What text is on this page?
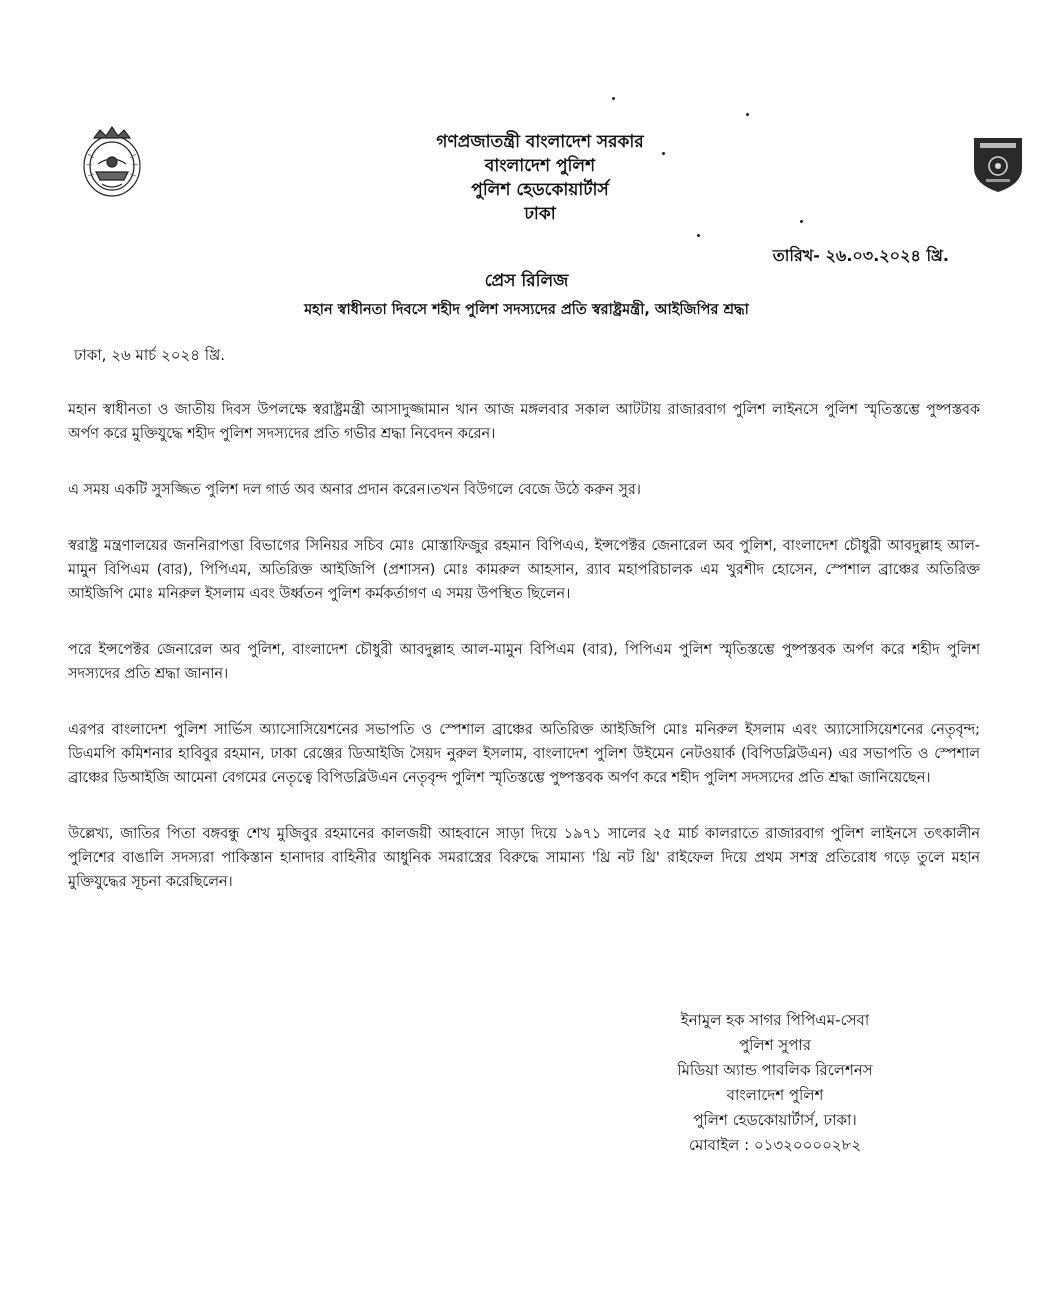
গণপ্রজাতন্ত্রী বাংলাদেশ সরকার
বাংলাদেশ পুলিশ
পুলিশ হেডকোয়ার্টার্স
ঢাকা
তারিখ- ২৬.০৩.২০২৪ খ্রি.
প্রেস রিলিজ
মহান স্বাধীনতা দিবসে শহীদ পুলিশ সদস্যদের প্রতি স্বরাষ্ট্রমন্ত্রী, আইজিপির শ্রদ্ধা
ঢাকা, ২৬ মার্চ ২০২৪ খ্রি.

মহান স্বাধীনতা ও জাতীয় দিবস উপলক্ষে স্বরাষ্ট্রমন্ত্রী আসাদুজ্জামান খান আজ মঙ্গলবার সকাল আটটায় রাজারবাগ পুলিশ লাইনসে পুলিশ স্মৃতিস্তম্ভে পুষ্পস্তবক অর্পণ করে মুক্তিযুদ্ধে শহীদ পুলিশ সদস্যদের প্রতি গভীর শ্রদ্ধা নিবেদন করেন।

এ সময় একটি সুসজ্জিত পুলিশ দল গার্ড অব অনার প্রদান করেন।তখন বিউগলে বেজে উঠে করুন সুর।

স্বরাষ্ট্র মন্ত্রণালয়ের জননিরাপত্তা বিভাগের সিনিয়র সচিব মোঃ মোস্তাফিজুর রহমান বিপিএএ, ইন্সপেক্টর জেনারেল অব পুলিশ, বাংলাদেশ চৌধুরী আবদুল্লাহ আল-মামুন বিপিএম (বার), পিপিএম, অতিরিক্ত আইজিপি (প্রশাসন) মোঃ কামরুল আহসান, র‍্যাব মহাপরিচালক এম খুরশীদ হোসেন, স্পেশাল ব্রাঞ্চের অতিরিক্ত আইজিপি মোঃ মনিরুল ইসলাম এবং উর্ধ্বতন পুলিশ কর্মকর্তাগণ এ সময় উপস্থিত ছিলেন।

পরে ইন্সপেক্টর জেনারেল অব পুলিশ, বাংলাদেশ চৌধুরী আবদুল্লাহ আল-মামুন বিপিএম (বার), পিপিএম পুলিশ স্মৃতিস্তম্ভে পুষ্পস্তবক অর্পণ করে শহীদ পুলিশ সদস্যদের প্রতি শ্রদ্ধা জানান।

এরপর বাংলাদেশ পুলিশ সার্ভিস অ্যাসোসিয়েশনের সভাপতি ও স্পেশাল ব্রাঞ্চের অতিরিক্ত আইজিপি মোঃ মনিরুল ইসলাম এবং অ্যাসোসিয়েশনের নেতৃবৃন্দ; ডিএমপি কমিশনার হাবিবুর রহমান, ঢাকা রেঞ্জের ডিআইজি সৈয়দ নুরুল ইসলাম, বাংলাদেশ পুলিশ উইমেন নেটওয়ার্ক (বিপিডব্লিউএন) এর সভাপতি ও স্পেশাল ব্রাঞ্চের ডিআইজি আমেনা বেগমের নেতৃত্বে বিপিডব্লিউএন নেতৃবৃন্দ পুলিশ স্মৃতিস্তম্ভে পুষ্পস্তবক অর্পণ করে শহীদ পুলিশ সদস্যদের প্রতি শ্রদ্ধা জানিয়েছেন।

উল্লেখ্য, জাতির পিতা বঙ্গবন্ধু শেখ মুজিবুর রহমানের কালজয়ী আহবানে সাড়া দিয়ে ১৯৭১ সালের ২৫ মার্চ কালরাতে রাজারবাগ পুলিশ লাইনসে তৎকালীন পুলিশের বাঙালি সদস্যরা পাকিস্তান হানাদার বাহিনীর আধুনিক সমরাস্ত্রের বিরুদ্ধে সামান্য 'থ্রি নট থ্রি' রাইফেল দিয়ে প্রথম সশস্ত্র প্রতিরোধ গড়ে তুলে মহান মুক্তিযুদ্ধের সূচনা করেছিলেন।

ইনামুল হক সাগর পিপিএম-সেবা
পুলিশ সুপার
মিডিয়া অ্যান্ড পাবলিক রিলেশনস
বাংলাদেশ পুলিশ
পুলিশ হেডকোয়ার্টার্স, ঢাকা।
মোবাইল : ০১৩২০০০০২৮২
